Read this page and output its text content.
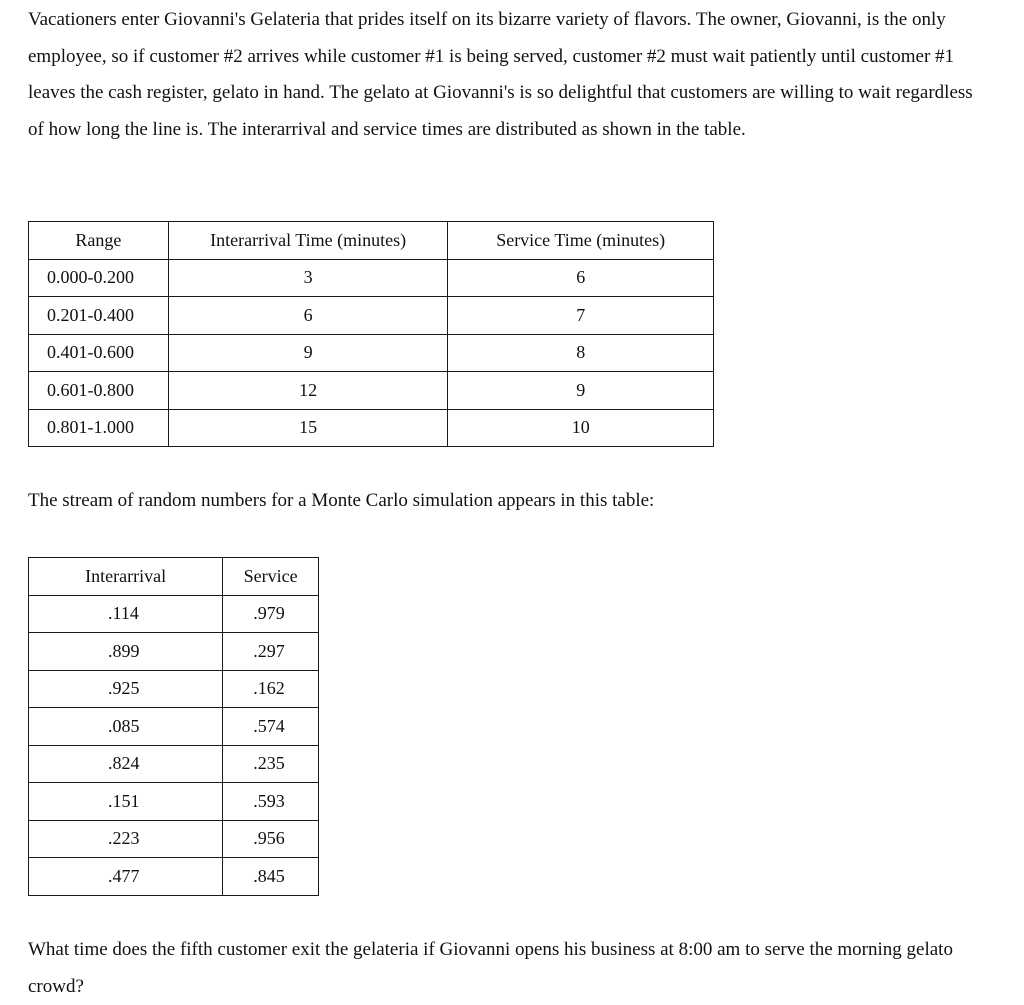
Vacationers enter Giovanni's Gelateria that prides itself on its bizarre variety of flavors. The owner, Giovanni, is the only employee, so if customer #2 arrives while customer #1 is being served, customer #2 must wait patiently until customer #1 leaves the cash register, gelato in hand. The gelato at Giovanni's is so delightful that customers are willing to wait regardless of how long the line is. The interarrival and service times are distributed as shown in the table.

Range	Interarrival Time (minutes)	Service Time (minutes)
0.000-0.200	3	6
0.201-0.400	6	7
0.401-0.600	9	8
0.601-0.800	12	9
0.801-1.000	15	10

The stream of random numbers for a Monte Carlo simulation appears in this table:

Interarrival	Service
.114	.979
.899	.297
.925	.162
.085	.574
.824	.235
.151	.593
.223	.956
.477	.845

What time does the fifth customer exit the gelateria if Giovanni opens his business at 8:00 am to serve the morning gelato crowd?
